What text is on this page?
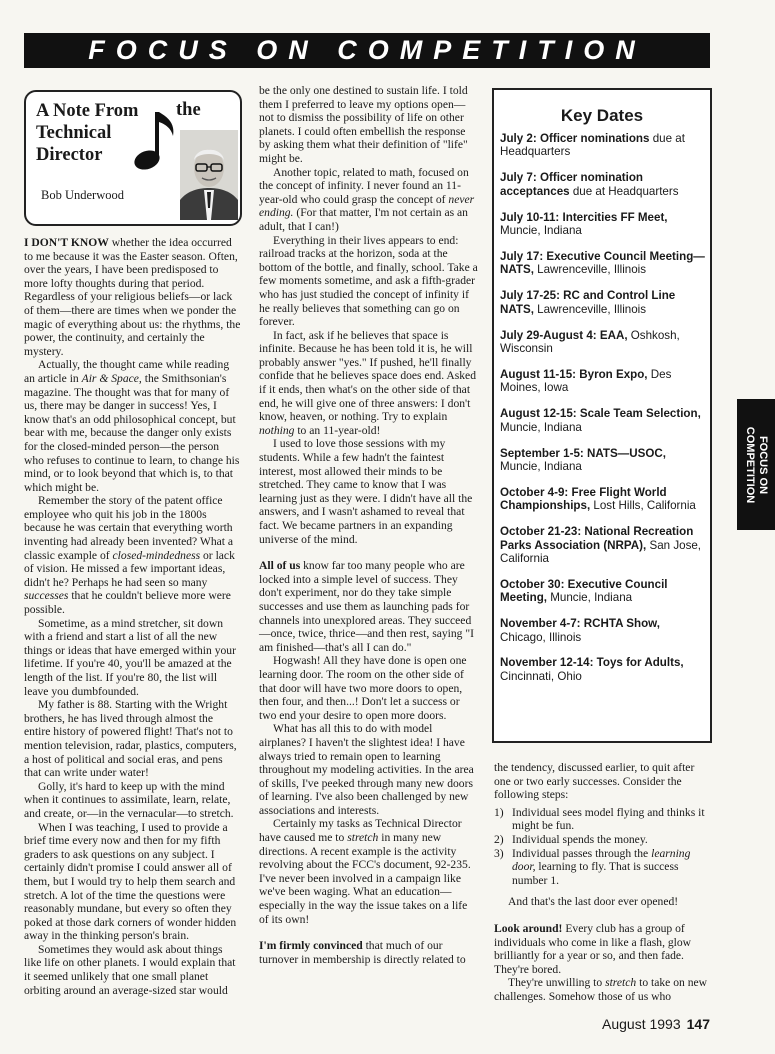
FOCUS ON COMPETITION
FOCUS ON
COMPETITION
A Note From
Technical
Director
the
Bob Underwood

I DON'T KNOW whether the idea occurred to me because it was the Easter season. Often, over the years, I have been predisposed to more lofty thoughts during that period. Regardless of your religious beliefs—or lack of them—there are times when we ponder the magic of everything about us: the rhythms, the power, the continuity, and certainly the mystery.

Actually, the thought came while reading an article in Air & Space, the Smithsonian's magazine. The thought was that for many of us, there may be danger in success! Yes, I know that's an odd philosophical concept, but bear with me, because the danger only exists for the closed-minded person—the person who refuses to continue to learn, to change his mind, or to look beyond that which is, to that which might be.

Remember the story of the patent office employee who quit his job in the 1800s because he was certain that everything worth inventing had already been invented? What a classic example of closed-mindedness or lack of vision. He missed a few important ideas, didn't he? Perhaps he had seen so many successes that he couldn't believe more were possible.

Sometime, as a mind stretcher, sit down with a friend and start a list of all the new things or ideas that have emerged within your lifetime. If you're 40, you'll be amazed at the length of the list. If you're 80, the list will leave you dumbfounded.

My father is 88. Starting with the Wright brothers, he has lived through almost the entire history of powered flight! That's not to mention television, radar, plastics, computers, a host of political and social eras, and pens that can write under water!

Golly, it's hard to keep up with the mind when it continues to assimilate, learn, relate, and create, or—in the vernacular—to stretch.

When I was teaching, I used to provide a brief time every now and then for my fifth graders to ask questions on any subject. I certainly didn't promise I could answer all of them, but I would try to help them search and stretch. A lot of the time the questions were reasonably mundane, but every so often they poked at those dark corners of wonder hidden away in the thinking person's brain.

Sometimes they would ask about things like life on other planets. I would explain that it seemed unlikely that one small planet orbiting around an average-sized star would

be the only one destined to sustain life. I told them I preferred to leave my options open—not to dismiss the possibility of life on other planets. I could often embellish the response by asking them what their definition of "life" might be.

Another topic, related to math, focused on the concept of infinity. I never found an 11-year-old who could grasp the concept of never ending. (For that matter, I'm not certain as an adult, that I can!)

Everything in their lives appears to end: railroad tracks at the horizon, soda at the bottom of the bottle, and finally, school. Take a few moments sometime, and ask a fifth-grader who has just studied the concept of infinity if he really believes that something can go on forever.

In fact, ask if he believes that space is infinite. Because he has been told it is, he will probably answer "yes." If pushed, he'll finally confide that he believes space does end. Asked if it ends, then what's on the other side of that end, he will give one of three answers: I don't know, heaven, or nothing. Try to explain nothing to an 11-year-old!

I used to love those sessions with my students. While a few hadn't the faintest interest, most allowed their minds to be stretched. They came to know that I was learning just as they were. I didn't have all the answers, and I wasn't ashamed to reveal that fact. We became partners in an expanding universe of the mind.

All of us know far too many people who are locked into a simple level of success. They don't experiment, nor do they take simple successes and use them as launching pads for channels into unexplored areas. They succeed—once, twice, thrice—and then rest, saying "I am finished—that's all I can do."

Hogwash! All they have done is open one learning door. The room on the other side of that door will have two more doors to open, then four, and then...! Don't let a success or two end your desire to open more doors.

What has all this to do with model airplanes? I haven't the slightest idea! I have always tried to remain open to learning throughout my modeling activities. In the area of skills, I've peeked through many new doors of learning. I've also been challenged by new associations and interests.

Certainly my tasks as Technical Director have caused me to stretch in many new directions. A recent example is the activity revolving about the FCC's document, 92-235. I've never been involved in a campaign like we've been waging. What an education—especially in the way the issue takes on a life of its own!

I'm firmly convinced that much of our turnover in membership is directly related to

Key Dates
July 2: Officer nominations due at Headquarters
July 7: Officer nomination acceptances due at Headquarters
July 10-11: Intercities FF Meet, Muncie, Indiana
July 17: Executive Council Meeting—NATS, Lawrenceville, Illinois
July 17-25: RC and Control Line NATS, Lawrenceville, Illinois
July 29-August 4: EAA, Oshkosh, Wisconsin
August 11-15: Byron Expo, Des Moines, Iowa
August 12-15: Scale Team Selection, Muncie, Indiana
September 1-5: NATS—USOC, Muncie, Indiana
October 4-9: Free Flight World Championships, Lost Hills, California
October 21-23: National Recreation Parks Association (NRPA), San Jose, California
October 30: Executive Council Meeting, Muncie, Indiana
November 4-7: RCHTA Show, Chicago, Illinois
November 12-14: Toys for Adults, Cincinnati, Ohio

the tendency, discussed earlier, to quit after one or two early successes. Consider the following steps:

1) Individual sees model flying and thinks it might be fun.
2) Individual spends the money.
3) Individual passes through the learning door, learning to fly. That is success number 1.

And that's the last door ever opened!

Look around! Every club has a group of individuals who come in like a flash, glow brilliantly for a year or so, and then fade. They're bored.

They're unwilling to stretch to take on new challenges. Somehow those of us who

August 1993 147
